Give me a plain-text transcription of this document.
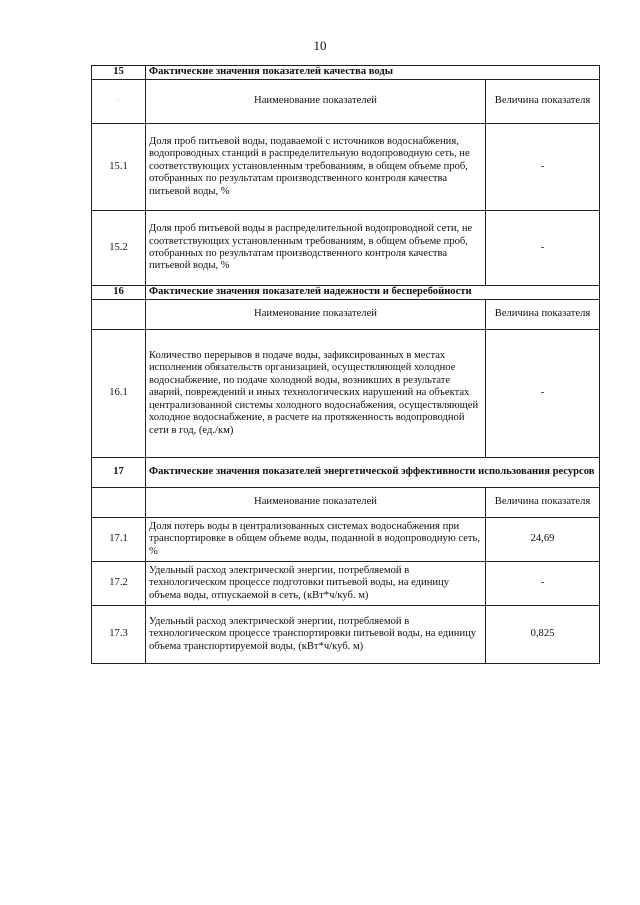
10
15	Фактические значения показателей качества воды	
·	Наименование показателей	Величина показателя
15.1	Доля проб питьевой воды, подаваемой с источников водоснабжения, водопроводных станций в распределительную водопроводную сеть, не соответствующих установленным требованиям, в общем объеме проб, отобранных по результатам производственного контроля качества питьевой воды, %	-
15.2	Доля проб питьевой воды в распределительной водопроводной сети, не соответствующих установленным требованиям, в общем объеме проб, отобранных по результатам производственного контроля качества питьевой воды, %	-
16	Фактические значения показателей надежности и бесперебойности	
	Наименование показателей	Величина показателя
16.1	Количество перерывов в подаче воды, зафиксированных в местах исполнения обязательств организацией, осуществляющей холодное водоснабжение, по подаче холодной воды, возникших в результате аварий, повреждений и иных технологических нарушений на объектах централизованной системы холодного водоснабжения, осуществляющей холодное водоснабжение, в расчете на протяженность водопроводной сети в год, (ед./км)	-
17	Фактические значения показателей энергетической эффективности использования ресурсов	
	Наименование показателей	Величина показателя
17.1	Доля потерь воды в централизованных системах водоснабжения при транспортировке в общем объеме воды, поданной в водопроводную сеть, %	24,69
17.2	Удельный расход электрической энергии, потребляемой в технологическом процессе подготовки питьевой воды, на единицу объема воды, отпускаемой в сеть, (кВт*ч/куб. м)	-
17.3	Удельный расход электрической энергии, потребляемой в технологическом процессе транспортировки питьевой воды, на единицу объема транспортируемой воды, (кВт*ч/куб. м)	0,825
